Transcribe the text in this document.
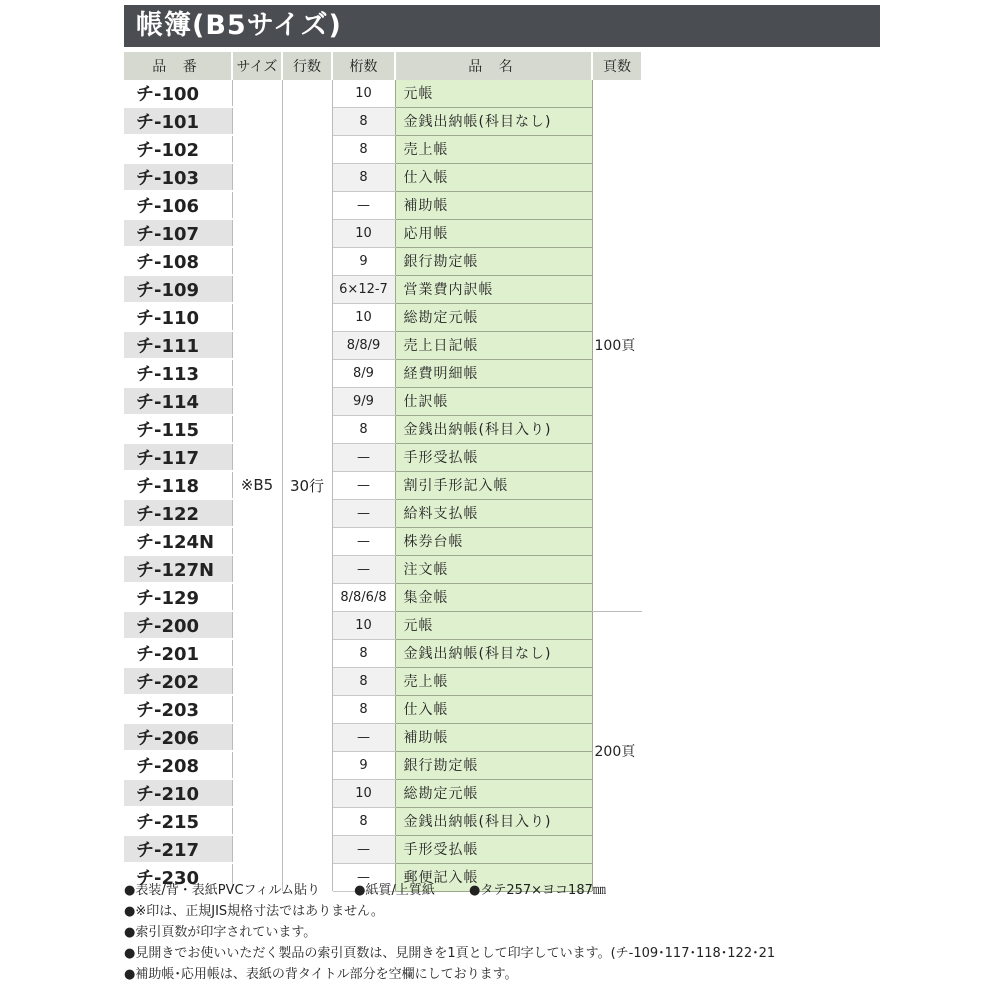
帳簿(B5サイズ)
品 番	サイズ	行数	桁数	品 名	頁数
チ-100	※B5	30行	10	元帳	100頁
チ-101			8	金銭出納帳(科目なし)	
チ-102			8	売上帳	
チ-103			8	仕入帳	
チ-106			—	補助帳	
チ-107			10	応用帳	
チ-108			9	銀行勘定帳	
チ-109			6×12-7	営業費内訳帳	
チ-110			10	総勘定元帳	
チ-111			8/8/9	売上日記帳	
チ-113			8/9	経費明細帳	
チ-114			9/9	仕訳帳	
チ-115			8	金銭出納帳(科目入り)	
チ-117			—	手形受払帳	
チ-118			—	割引手形記入帳	
チ-122			—	給料支払帳	
チ-124N			—	株券台帳	
チ-127N			—	注文帳	
チ-129			8/8/6/8	集金帳	
チ-200			10	元帳	200頁
チ-201			8	金銭出納帳(科目なし)	
チ-202			8	売上帳	
チ-203			8	仕入帳	
チ-206			—	補助帳	
チ-208			9	銀行勘定帳	
チ-210			10	総勘定元帳	
チ-215			8	金銭出納帳(科目入り)	
チ-217			—	手形受払帳	
チ-230			—	郵便記入帳	
●表装/背・表紙PVCフィルム貼り	●紙質/上質紙	●タテ257×ヨコ187㎜
●※印は、正規JIS規格寸法ではありません。
●索引頁数が印字されています。
●見開きでお使いいただく製品の索引頁数は、見開きを1頁として印字しています。(チ-109･117･118･122･21
●補助帳･応用帳は、表紙の背タイトル部分を空欄にしております。
